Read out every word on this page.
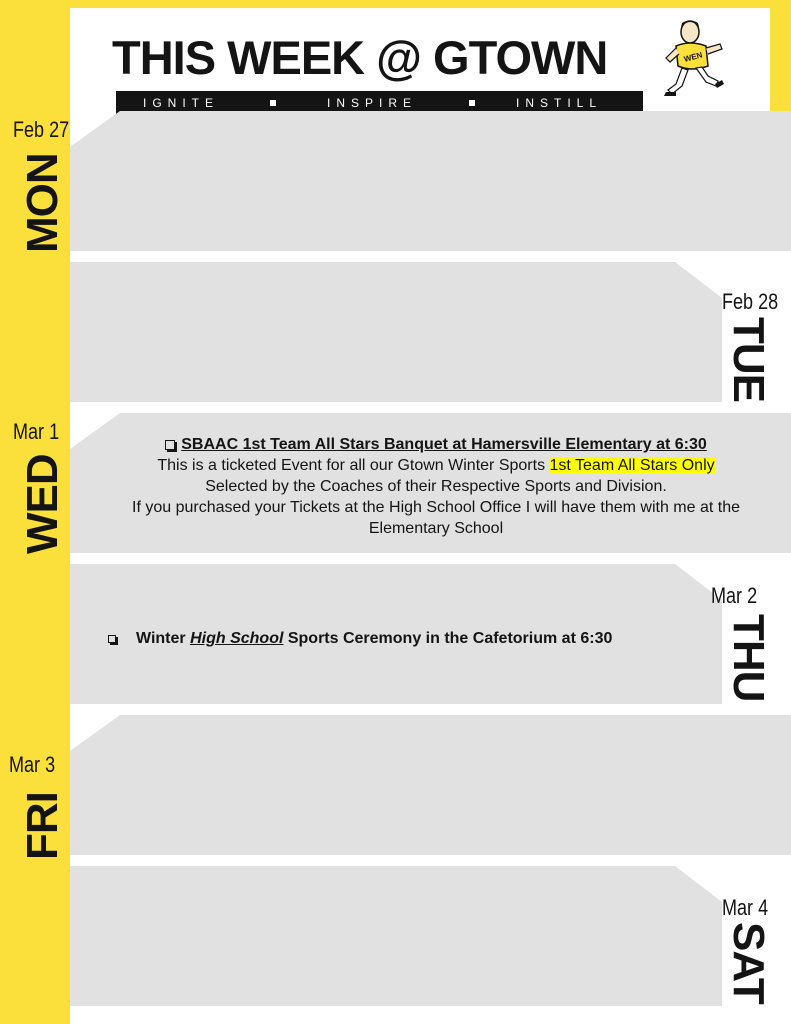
THIS WEEK @ GTOWN
IGNITE	INSPIRE	INSTILL
WEN
Feb 27
MON
Feb 28
TUE
Mar 1
WED
SBAAC 1st Team All Stars Banquet at Hamersville Elementary at 6:30
This is a ticketed Event for all our Gtown Winter Sports 1st Team All Stars Only
Selected by the Coaches of their Respective Sports and Division.
If you purchased your Tickets at the High School Office I will have them with me at the Elementary School
Mar 2
THU
Winter High School Sports Ceremony in the Cafetorium at 6:30
Mar 3
FRI
Mar 4
SAT
